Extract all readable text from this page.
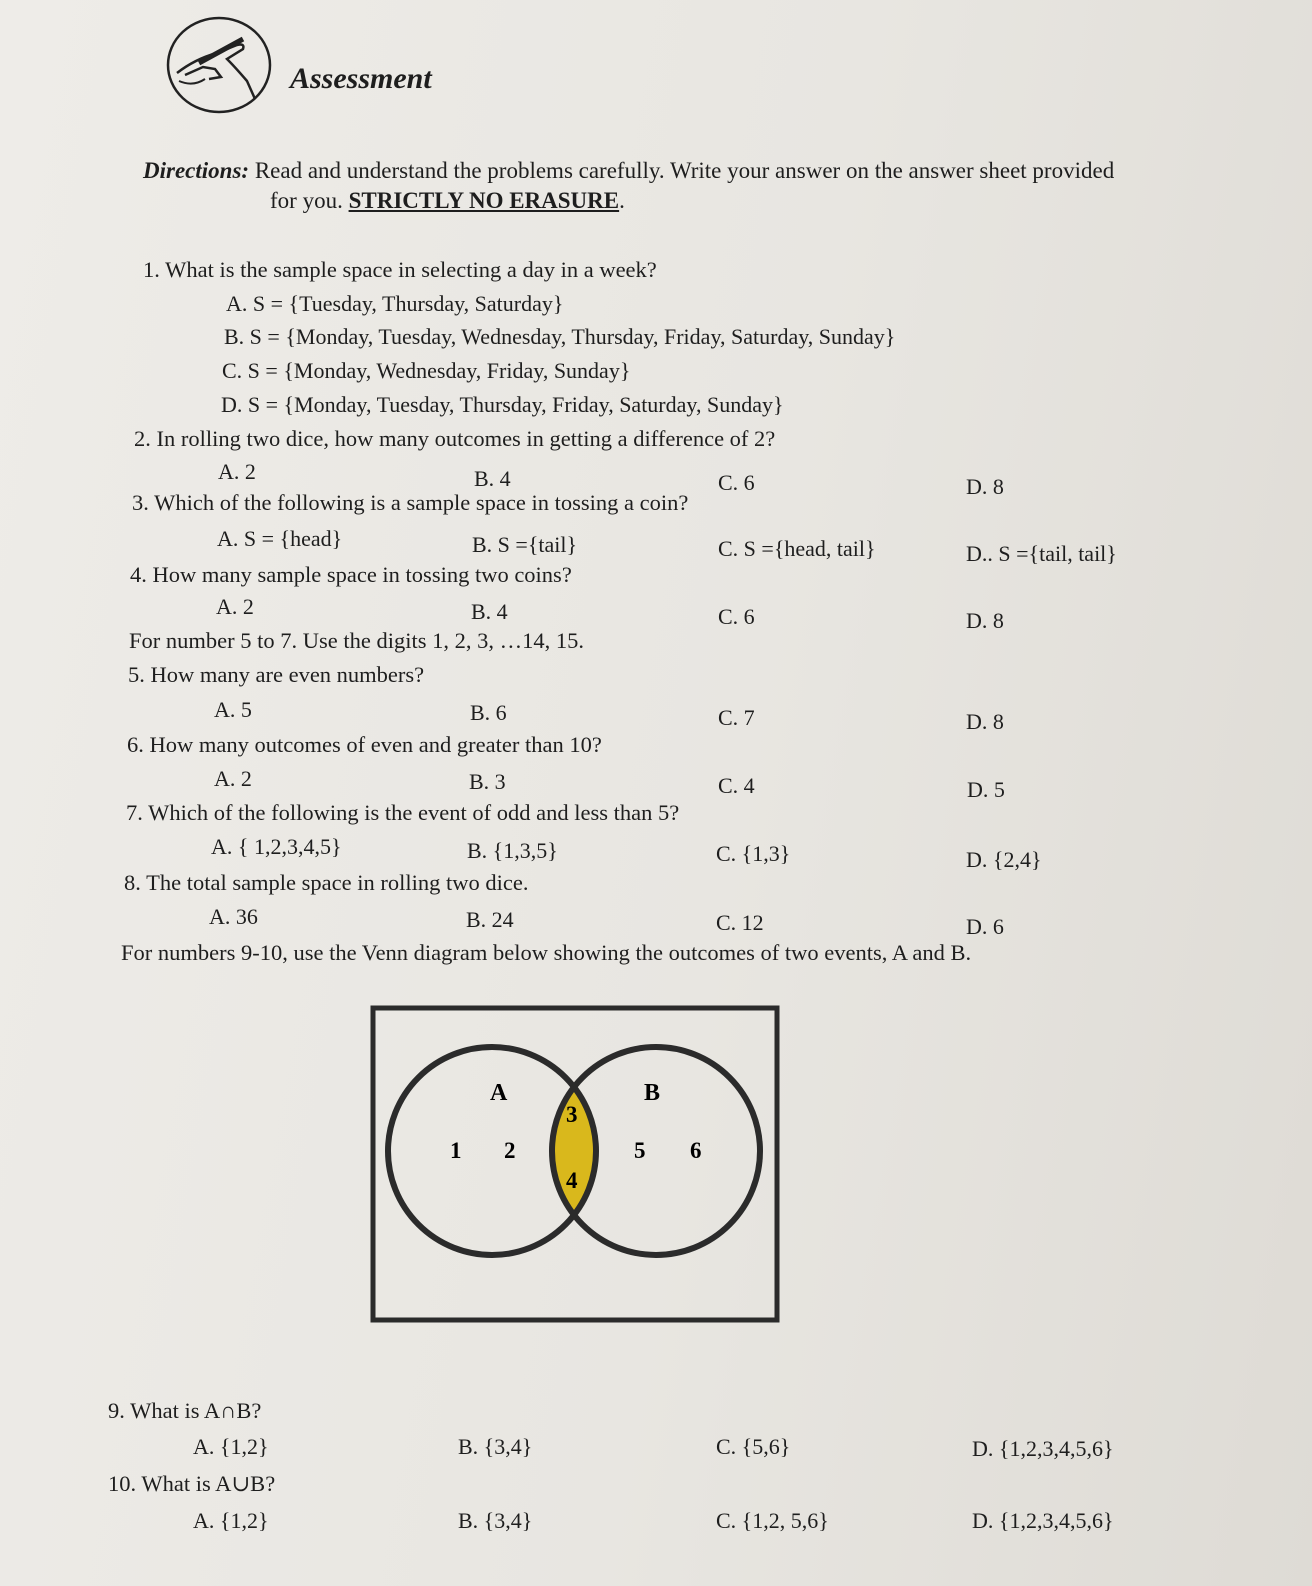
Assessment
Directions: Read and understand the problems carefully. Write your answer on the answer sheet provided
for you. STRICTLY NO ERASURE.
1. What is the sample space in selecting a day in a week?
A. S = {Tuesday, Thursday, Saturday}
B. S = {Monday, Tuesday, Wednesday, Thursday, Friday, Saturday, Sunday}
C. S = {Monday, Wednesday, Friday, Sunday}
D. S = {Monday, Tuesday, Thursday, Friday, Saturday, Sunday}
2. In rolling two dice, how many outcomes in getting a difference of 2?
A. 2	B. 4	C. 6	D. 8
3. Which of the following is a sample space in tossing a coin?
A. S = {head}	B. S ={tail}	C. S ={head, tail}	D.. S ={tail, tail}
4. How many sample space in tossing two coins?
A. 2	B. 4	C. 6	D. 8
For number 5 to 7. Use the digits 1, 2, 3, …14, 15.
5. How many are even numbers?
A. 5	B. 6	C. 7	D. 8
6. How many outcomes of even and greater than 10?
A. 2	B. 3	C. 4	D. 5
7. Which of the following is the event of odd and less than 5?
A. { 1,2,3,4,5}	B. {1,3,5}	C. {1,3}	D. {2,4}
8. The total sample space in rolling two dice.
A. 36	B. 24	C. 12	D. 6
For numbers 9-10, use the Venn diagram below showing the outcomes of two events, A and B.
A	B
1 2
3
4
5 6
9. What is A∩B?
A. {1,2}	B. {3,4}	C. {5,6}	D. {1,2,3,4,5,6}
10. What is A∪B?
A. {1,2}	B. {3,4}	C. {1,2, 5,6}	D. {1,2,3,4,5,6}
